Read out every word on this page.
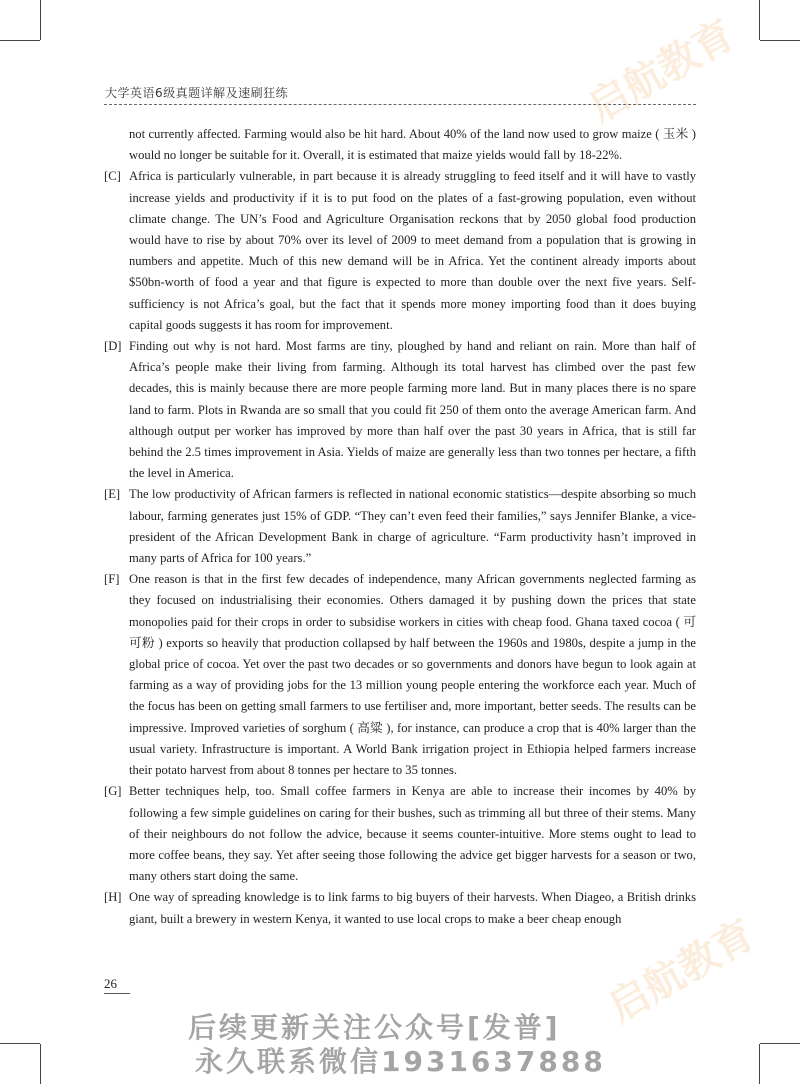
启航教育
启航教育
大学英语6级真题详解及速刷狂练

not currently affected. Farming would also be hit hard. About 40% of the land now used to grow maize ( 玉米 ) would no longer be suitable for it. Overall, it is estimated that maize yields would fall by 18-22%.

[C] Africa is particularly vulnerable, in part because it is already struggling to feed itself and it will have to vastly increase yields and productivity if it is to put food on the plates of a fast-growing population, even without climate change. The UN’s Food and Agriculture Organisation reckons that by 2050 global food production would have to rise by about 70% over its level of 2009 to meet demand from a population that is growing in numbers and appetite. Much of this new demand will be in Africa. Yet the continent already imports about $50bn-worth of food a year and that figure is expected to more than double over the next five years. Self-sufficiency is not Africa’s goal, but the fact that it spends more money importing food than it does buying capital goods suggests it has room for improvement.

[D] Finding out why is not hard. Most farms are tiny, ploughed by hand and reliant on rain. More than half of Africa’s people make their living from farming. Although its total harvest has climbed over the past few decades, this is mainly because there are more people farming more land. But in many places there is no spare land to farm. Plots in Rwanda are so small that you could fit 250 of them onto the average American farm. And although output per worker has improved by more than half over the past 30 years in Africa, that is still far behind the 2.5 times improvement in Asia. Yields of maize are generally less than two tonnes per hectare, a fifth the level in America.

[E] The low productivity of African farmers is reflected in national economic statistics—despite absorbing so much labour, farming generates just 15% of GDP. “They can’t even feed their families,” says Jennifer Blanke, a vice-president of the African Development Bank in charge of agriculture. “Farm productivity hasn’t improved in many parts of Africa for 100 years.”

[F] One reason is that in the first few decades of independence, many African governments neglected farming as they focused on industrialising their economies. Others damaged it by pushing down the prices that state monopolies paid for their crops in order to subsidise workers in cities with cheap food. Ghana taxed cocoa ( 可可粉 ) exports so heavily that production collapsed by half between the 1960s and 1980s, despite a jump in the global price of cocoa. Yet over the past two decades or so governments and donors have begun to look again at farming as a way of providing jobs for the 13 million young people entering the workforce each year. Much of the focus has been on getting small farmers to use fertiliser and, more important, better seeds. The results can be impressive. Improved varieties of sorghum ( 高粱 ), for instance, can produce a crop that is 40% larger than the usual variety. Infrastructure is important. A World Bank irrigation project in Ethiopia helped farmers increase their potato harvest from about 8 tonnes per hectare to 35 tonnes.

[G] Better techniques help, too. Small coffee farmers in Kenya are able to increase their incomes by 40% by following a few simple guidelines on caring for their bushes, such as trimming all but three of their stems. Many of their neighbours do not follow the advice, because it seems counter-intuitive. More stems ought to lead to more coffee beans, they say. Yet after seeing those following the advice get bigger harvests for a season or two, many others start doing the same.

[H] One way of spreading knowledge is to link farms to big buyers of their harvests. When Diageo, a British drinks giant, built a brewery in western Kenya, it wanted to use local crops to make a beer cheap enough

26
后续更新关注公众号[发普]
永久联系微信1931637888
